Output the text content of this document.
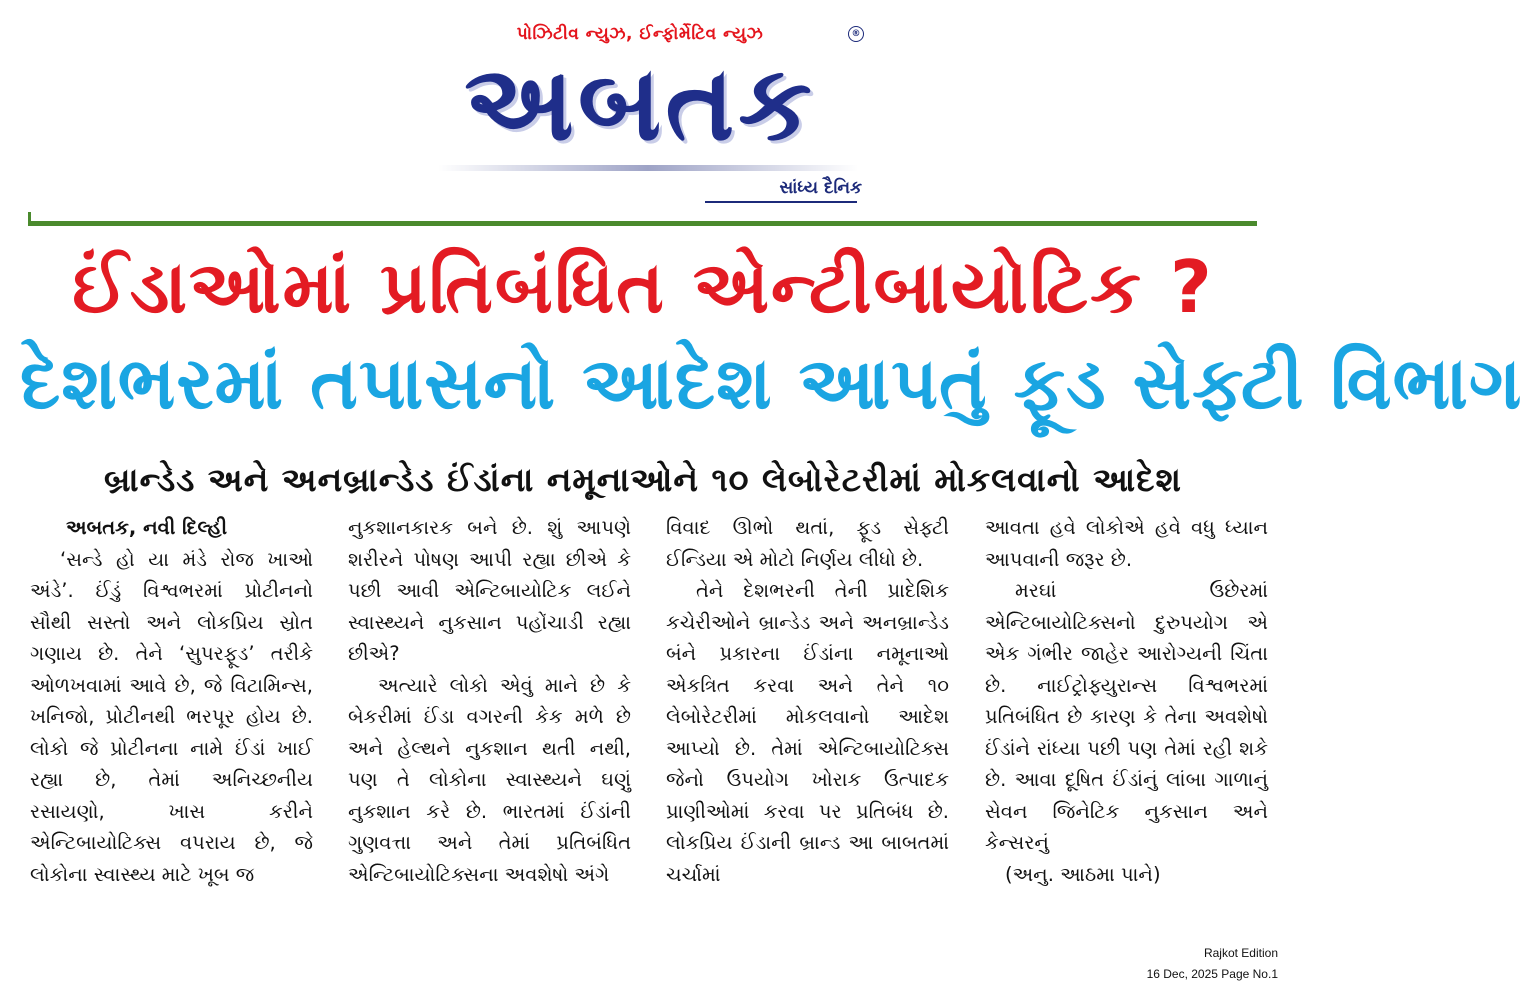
પોઝિટીવ ન્યુઝ, ઈન્ફોર્મેટિવ ન્યુઝ	®
અબતક
સાંધ્ય દૈનિક
ઈંડાઓમાં પ્રતિબંધિત એન્ટીબાયોટિક ?
દેશભરમાં તપાસનો આદેશ આપતું ફૂડ સેફ્ટી વિભાગ
બ્રાન્ડેડ અને અનબ્રાન્ડેડ ઈંડાંના નમૂનાઓને ૧૦ લેબોરેટરીમાં મોકલવાનો આદેશ

અબતક, નવી દિલ્હી

‘સન્ડે હો યા મંડે રોજ ખાઓ અંડે’. ઈંડું વિશ્વભરમાં પ્રોટીનનો સૌથી સસ્તો અને લોકપ્રિય સ્રોત ગણાય છે. તેને ‘સુપરફૂડ’ તરીકે ઓળખવામાં આવે છે, જે વિટામિન્સ, ખનિજો, પ્રોટીનથી ભરપૂર હોય છે. લોકો જે પ્રોટીનના નામે ઈંડાં ખાઈ રહ્યા છે, તેમાં અનિચ્છનીય રસાયણો, ખાસ કરીને એન્ટિબાયોટિક્સ વપરાય છે, જે લોકોના સ્વાસ્થ્ય માટે ખૂબ જ

નુકશાનકારક બને છે. શું આપણે શરીરને પોષણ આપી રહ્યા છીએ કે પછી આવી એન્ટિબાયોટિક લઈને સ્વાસ્થ્યને નુકસાન પહોંચાડી રહ્યા છીએ?

અત્યારે લોકો એવું માને છે કે બેકરીમાં ઈંડા વગરની કેક મળે છે અને હેલ્થને નુકશાન થતી નથી, પણ તે લોકોના સ્વાસ્થ્યને ઘણું નુકશાન કરે છે. ભારતમાં ઈંડાંની ગુણવત્તા અને તેમાં પ્રતિબંધિત એન્ટિબાયોટિક્સના અવશેષો અંગે

વિવાદ ઊભો થતાં, ફૂડ સેફ્ટી ઈન્ડિયા એ મોટો નિર્ણય લીધો છે.

તેને દેશભરની તેની પ્રાદેશિક કચેરીઓને બ્રાન્ડેડ અને અનબ્રાન્ડેડ બંને પ્રકારના ઈંડાંના નમૂનાઓ એકત્રિત કરવા અને તેને ૧૦ લેબોરેટરીમાં મોકલવાનો આદેશ આપ્યો છે. તેમાં એન્ટિબાયોટિક્સ જેનો ઉપયોગ ખોરાક ઉત્પાદક પ્રાણીઓમાં કરવા પર પ્રતિબંધ છે. લોકપ્રિય ઈંડાની બ્રાન્ડ આ બાબતમાં ચર્ચામાં

આવતા હવે લોકોએ હવે વધુ ધ્યાન આપવાની જરૂર છે.

મરઘાં ઉછેરમાં એન્ટિબાયોટિક્સનો દુરુપયોગ એ એક ગંભીર જાહેર આરોગ્યની ચિંતા છે. નાઈટ્રોફ્યુરાન્સ વિશ્વભરમાં પ્રતિબંધિત છે કારણ કે તેના અવશેષો ઈંડાંને રાંધ્યા પછી પણ તેમાં રહી શકે છે. આવા દૂષિત ઈંડાંનું લાંબા ગાળાનું સેવન જિનેટિક નુકસાન અને કેન્સરનું

(અનુ. આઠમા પાને)

Rajkot Edition
16 Dec, 2025 Page No.1
